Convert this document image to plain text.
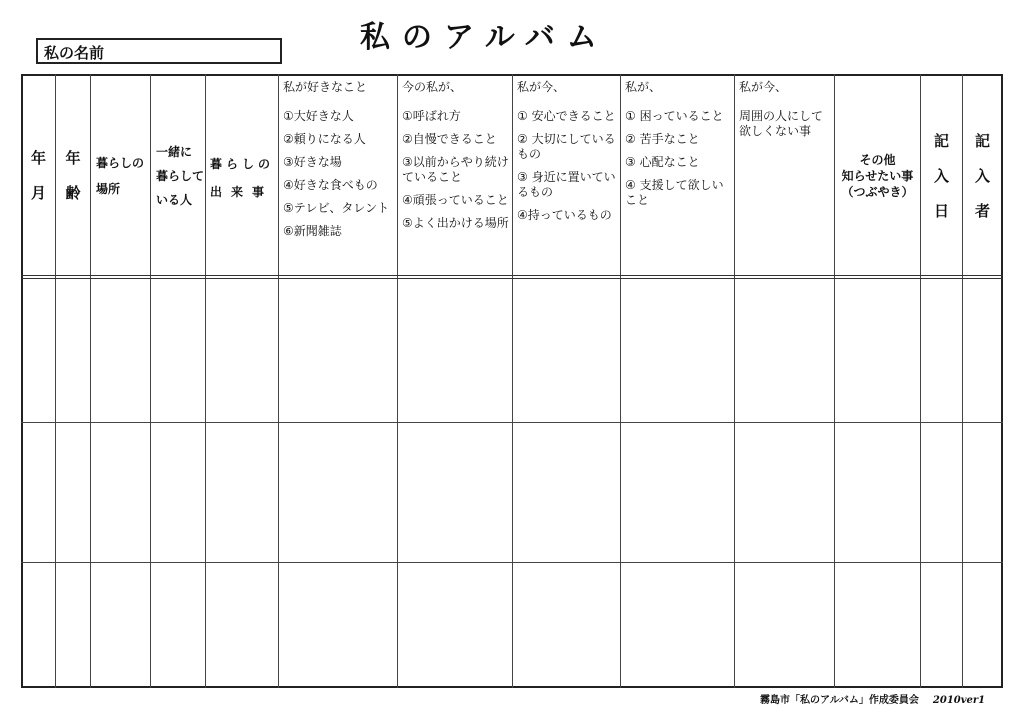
私のアルバム
私の名前
年
月
年
齢
暮らしの
場所
一緒に
暮らして
いる人
暮らしの
出来事
私が好きなこと
①大好きな人
②頼りになる人
③好きな場
④好きな食べもの
⑤テレビ、タレント
⑥新聞雑誌
今の私が、
①呼ばれ方
②自慢できること
③以前からやり続けていること
④頑張っていること
⑤よく出かける場所
私が今、
① 安心できること
② 大切にしているもの
③ 身近に置いているもの
④持っているもの
私が、
① 困っていること
② 苦手なこと
③ 心配なこと
④ 支援して欲しいこと
私が今、
周囲の人にして欲しくない事
その他
知らせたい事
（つぶやき）
記
入
日
記
入
者
霧島市「私のアルバム」作成委員会 2010ver1
